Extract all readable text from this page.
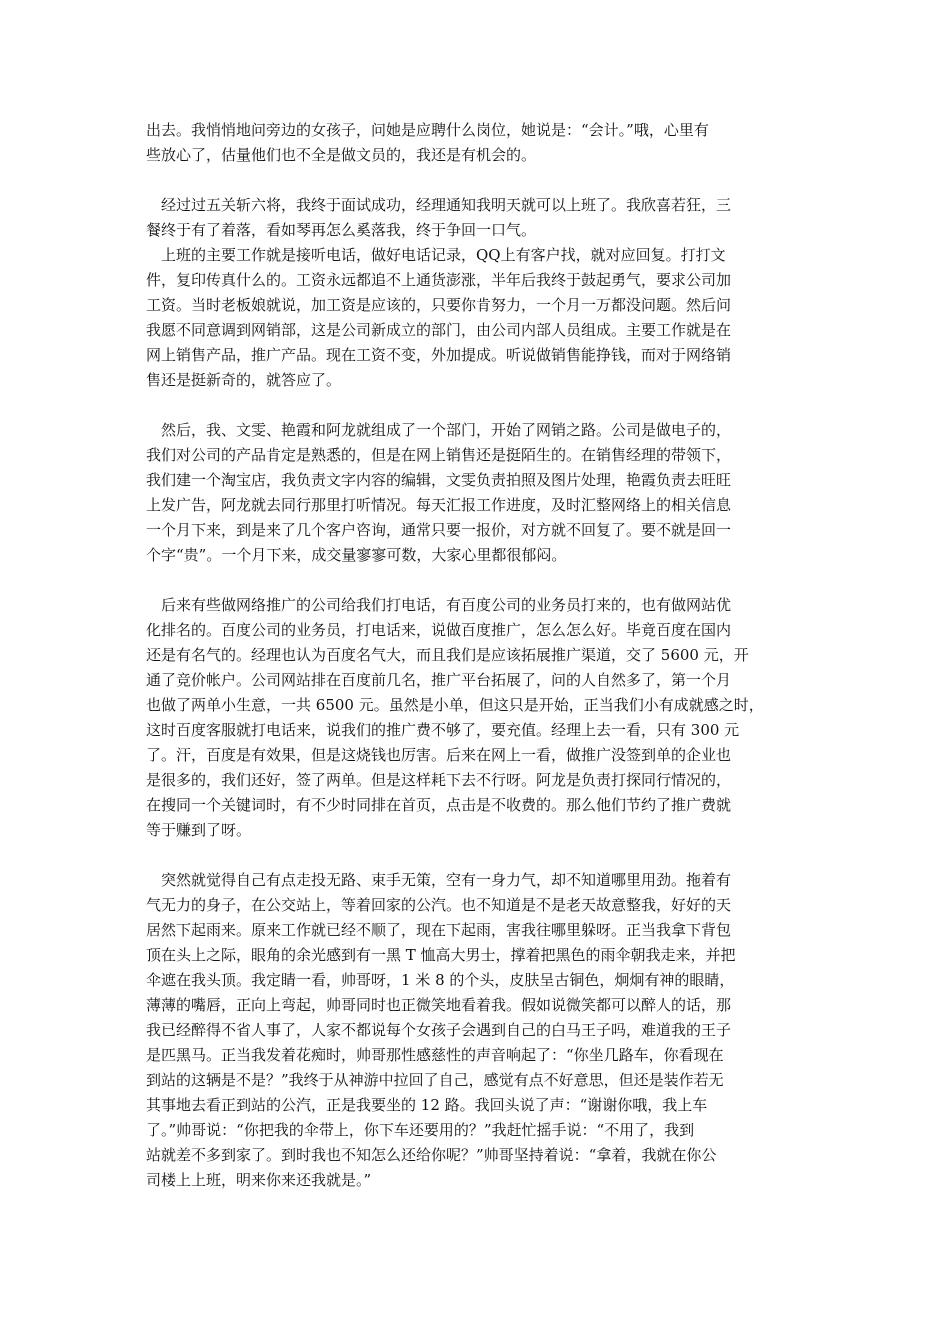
出去。我悄悄地问旁边的女孩子，问她是应聘什么岗位，她说是：“会计。”哦，心里有
些放心了，估量他们也不全是做文员的，我还是有机会的。
　经过过五关斩六将，我终于面试成功，经理通知我明天就可以上班了。我欣喜若狂，三
餐终于有了着落，看如琴再怎么奚落我，终于争回一口气。
　上班的主要工作就是接听电话，做好电话记录，QQ上有客户找，就对应回复。打打文
件，复印传真什么的。工资永远都追不上通货澎涨，半年后我终于鼓起勇气，要求公司加
工资。当时老板娘就说，加工资是应该的，只要你肯努力，一个月一万都没问题。然后问
我愿不同意调到网销部，这是公司新成立的部门，由公司内部人员组成。主要工作就是在
网上销售产品，推广产品。现在工资不变，外加提成。听说做销售能挣钱，而对于网络销
售还是挺新奇的，就答应了。
　然后，我、文雯、艳霞和阿龙就组成了一个部门，开始了网销之路。公司是做电子的，
我们对公司的产品肯定是熟悉的，但是在网上销售还是挺陌生的。在销售经理的带领下，
我们建一个淘宝店，我负责文字内容的编辑，文雯负责拍照及图片处理，艳霞负责去旺旺
上发广告，阿龙就去同行那里打听情况。每天汇报工作进度，及时汇整网络上的相关信息
一个月下来，到是来了几个客户咨询，通常只要一报价，对方就不回复了。要不就是回一
个字“贵”。一个月下来，成交量寥寥可数，大家心里都很郁闷。
　后来有些做网络推广的公司给我们打电话，有百度公司的业务员打来的，也有做网站优
化排名的。百度公司的业务员，打电话来，说做百度推广，怎么怎么好。毕竟百度在国内
还是有名气的。经理也认为百度名气大，而且我们是应该拓展推广渠道，交了 5600 元，开
通了竞价帐户。公司网站排在百度前几名，推广平台拓展了，问的人自然多了，第一个月
也做了两单小生意，一共 6500 元。虽然是小单，但这只是开始，正当我们小有成就感之时，
这时百度客服就打电话来，说我们的推广费不够了，要充值。经理上去一看，只有 300 元
了。汗，百度是有效果，但是这烧钱也厉害。后来在网上一看，做推广没签到单的企业也
是很多的，我们还好，签了两单。但是这样耗下去不行呀。阿龙是负责打探同行情况的，
在搜同一个关键词时，有不少时同排在首页，点击是不收费的。那么他们节约了推广费就
等于赚到了呀。
　突然就觉得自己有点走投无路、束手无策，空有一身力气，却不知道哪里用劲。拖着有
气无力的身子，在公交站上，等着回家的公汽。也不知道是不是老天故意整我，好好的天
居然下起雨来。原来工作就已经不顺了，现在下起雨，害我往哪里躲呀。正当我拿下背包
顶在头上之际，眼角的余光感到有一黑 T 恤高大男士，撑着把黑色的雨伞朝我走来，并把
伞遮在我头顶。我定睛一看，帅哥呀，1 米 8 的个头，皮肤呈古铜色，炯炯有神的眼睛，
薄薄的嘴唇，正向上弯起，帅哥同时也正微笑地看着我。假如说微笑都可以醉人的话，那
我已经醉得不省人事了，人家不都说每个女孩子会遇到自己的白马王子吗，难道我的王子
是匹黑马。正当我发着花痴时，帅哥那性感慈性的声音响起了：“你坐几路车，你看现在
到站的这辆是不是？”我终于从神游中拉回了自己，感觉有点不好意思，但还是装作若无
其事地去看正到站的公汽，正是我要坐的 12 路。我回头说了声：“谢谢你哦，我上车
了。”帅哥说：“你把我的伞带上，你下车还要用的？”我赶忙摇手说：“不用了，我到
站就差不多到家了。到时我也不知怎么还给你呢？”帅哥坚持着说：“拿着，我就在你公
司楼上上班，明来你来还我就是。”
